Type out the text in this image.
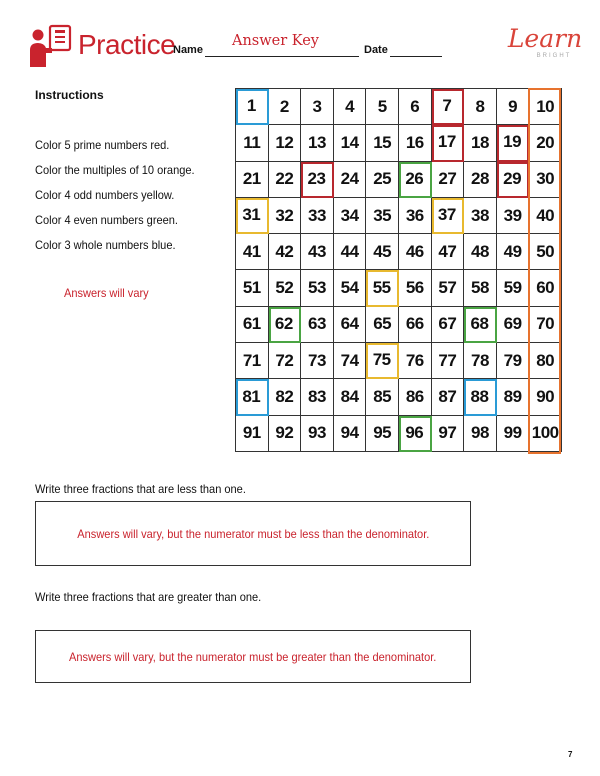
Practice
Name
Answer Key
Date	Learn
BRIGHT
Instructions
Color 5 prime numbers red.
Color the multiples of 10 orange.
Color 4 odd numbers yellow.
Color 4 even numbers green.
Color 3 whole numbers blue.
Answers will vary
1	2	3	4	5	6	7	8	9	10
11 12 13 14 15 16 17 18 19 20
21 22 23 24 25 26 27 28 29 30
31 32 33 34 35 36 37 38 39 40
41 42 43 44 45 46 47 48 49 50
51 52 53 54 55 56 57 58 59 60
61 62 63 64 65 66 67 68 69 70
71 72 73 74 75 76 77 78 79 80
81 82 83 84 85 86 87 88 89 90
91 92 93 94 95 96 97 98 99 100
Write three fractions that are less than one.
Answers will vary, but the numerator must be less than the denominator.
Write three fractions that are greater than one.
Answers will vary, but the numerator must be greater than the denominator.
7
